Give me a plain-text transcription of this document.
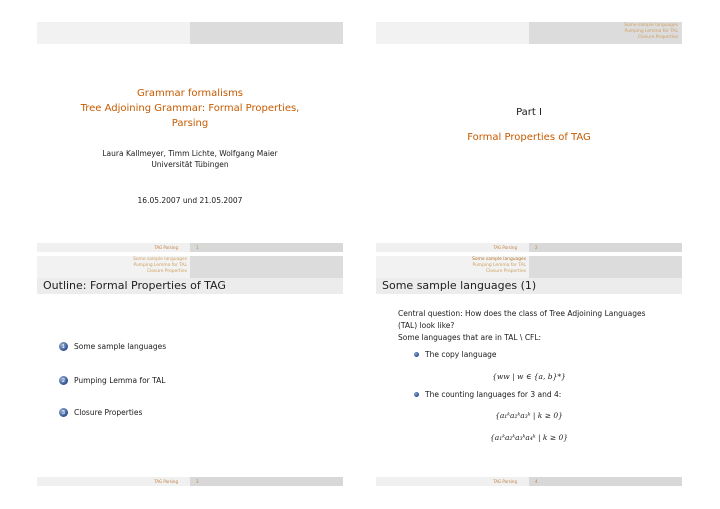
Grammar formalisms
Tree Adjoining Grammar: Formal Properties,
Parsing
Laura Kallmeyer, Timm Lichte, Wolfgang Maier
Universität Tübingen
16.05.2007 und 21.05.2007
TAG Parsing	1
Some sample languages
Pumping Lemma for TAL
Closure Properties
Part I
Formal Properties of TAG
TAG Parsing	2
Some sample languages
Pumping Lemma for TAL
Closure Properties
Outline: Formal Properties of TAG
1	Some sample languages
2	Pumping Lemma for TAL
3	Closure Properties
TAG Parsing	3
Some sample languages
Pumping Lemma for TAL
Closure Properties
Some sample languages (1)
Central question: How does the class of Tree Adjoining Languages
(TAL) look like?
Some languages that are in TAL \ CFL:
The copy language
{ww | w ∈ {a, b}*}
The counting languages for 3 and 4:
{a₁ᵏa₂ᵏa₃ᵏ | k ≥ 0}
{a₁ᵏa₂ᵏa₃ᵏa₄ᵏ | k ≥ 0}
TAG Parsing	4
